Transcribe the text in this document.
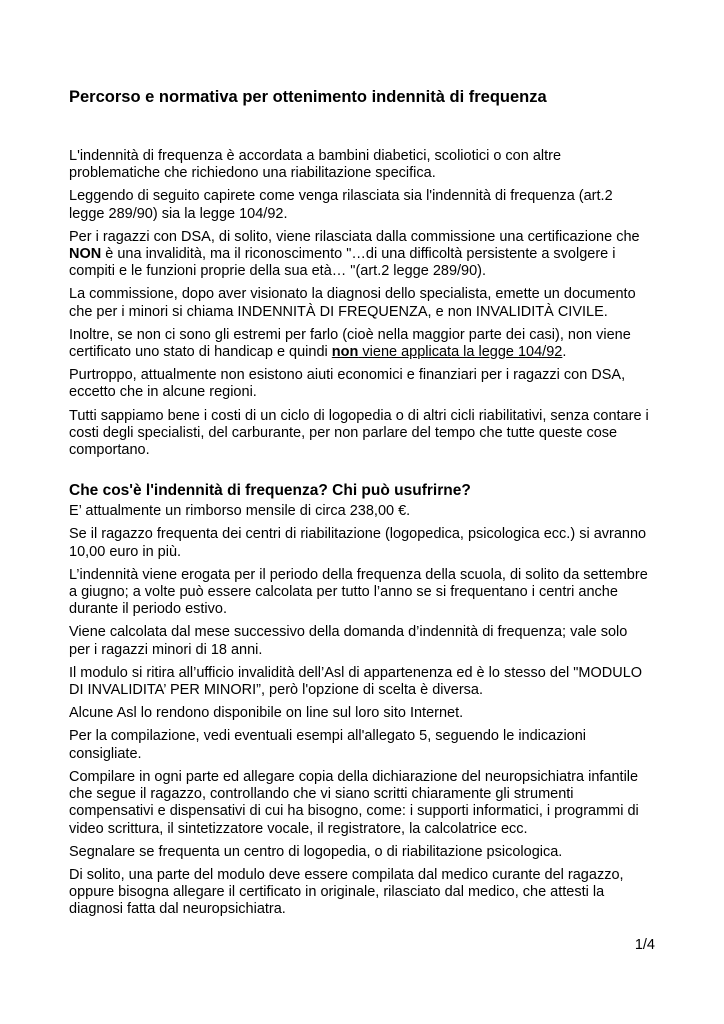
Percorso e normativa per ottenimento indennità di frequenza

L'indennità di frequenza è accordata a bambini diabetici, scoliotici o con altre
problematiche che richiedono una riabilitazione specifica.

Leggendo di seguito capirete come venga rilasciata sia l'indennità di frequenza (art.2
legge 289/90) sia la legge 104/92.

Per i ragazzi con DSA, di solito, viene rilasciata dalla commissione una certificazione che
NON è una invalidità, ma il riconoscimento "…di una difficoltà persistente a svolgere i
compiti e le funzioni proprie della sua età… "(art.2 legge 289/90).

La commissione, dopo aver visionato la diagnosi dello specialista, emette un documento
che per i minori si chiama INDENNITÀ DI FREQUENZA, e non INVALIDITÀ CIVILE.

Inoltre, se non ci sono gli estremi per farlo (cioè nella maggior parte dei casi), non viene
certificato uno stato di handicap e quindi non viene applicata la legge 104/92.

Purtroppo, attualmente non esistono aiuti economici e finanziari per i ragazzi con DSA,
eccetto che in alcune regioni.

Tutti sappiamo bene i costi di un ciclo di logopedia o di altri cicli riabilitativi, senza contare i
costi degli specialisti, del carburante, per non parlare del tempo che tutte queste cose
comportano.

Che cos'è l'indennità di frequenza? Chi può usufrirne?

E’ attualmente un rimborso mensile di circa 238,00 €.

Se il ragazzo frequenta dei centri di riabilitazione (logopedica, psicologica ecc.) si avranno
10,00 euro in più.

L’indennità viene erogata per il periodo della frequenza della scuola, di solito da settembre
a giugno; a volte può essere calcolata per tutto l’anno se si frequentano i centri anche
durante il periodo estivo.

Viene calcolata dal mese successivo della domanda d’indennità di frequenza; vale solo
per i ragazzi minori di 18 anni.

Il modulo si ritira all’ufficio invalidità dell’Asl di appartenenza ed è lo stesso del "MODULO
DI INVALIDITA’ PER MINORI”, però l'opzione di scelta è diversa.

Alcune Asl lo rendono disponibile on line sul loro sito Internet.

Per la compilazione, vedi eventuali esempi all'allegato 5, seguendo le indicazioni
consigliate.

Compilare in ogni parte ed allegare copia della dichiarazione del neuropsichiatra infantile
che segue il ragazzo, controllando che vi siano scritti chiaramente gli strumenti
compensativi e dispensativi di cui ha bisogno, come: i supporti informatici, i programmi di
video scrittura, il sintetizzatore vocale, il registratore, la calcolatrice ecc.

Segnalare se frequenta un centro di logopedia, o di riabilitazione psicologica.

Di solito, una parte del modulo deve essere compilata dal medico curante del ragazzo,
oppure bisogna allegare il certificato in originale, rilasciato dal medico, che attesti la
diagnosi fatta dal neuropsichiatra.

1/4
